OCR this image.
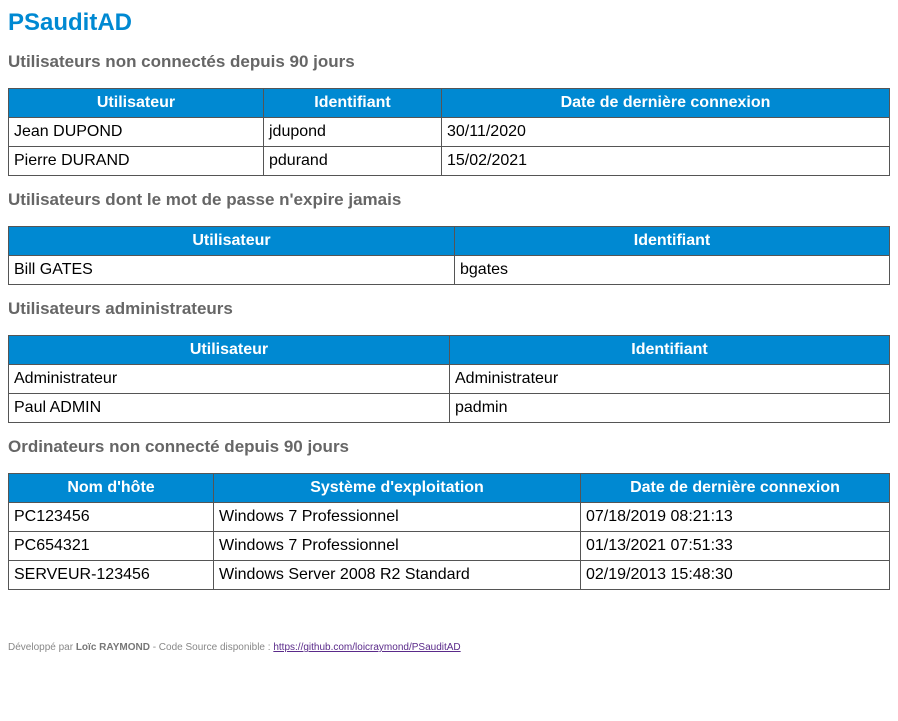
PSauditAD
Utilisateurs non connectés depuis 90 jours
Utilisateur	Identifiant	Date de dernière connexion
Jean DUPOND	jdupond	30/11/2020
Pierre DURAND	pdurand	15/02/2021
Utilisateurs dont le mot de passe n'expire jamais
Utilisateur	Identifiant
Bill GATES	bgates
Utilisateurs administrateurs
Utilisateur	Identifiant
Administrateur	Administrateur
Paul ADMIN	padmin
Ordinateurs non connecté depuis 90 jours
Nom d'hôte	Système d'exploitation	Date de dernière connexion
PC123456	Windows 7 Professionnel	07/18/2019 08:21:13
PC654321	Windows 7 Professionnel	01/13/2021 07:51:33
SERVEUR-123456	Windows Server 2008 R2 Standard	02/19/2013 15:48:30
Développé par Loïc RAYMOND - Code Source disponible : https://github.com/loicraymond/PSauditAD
